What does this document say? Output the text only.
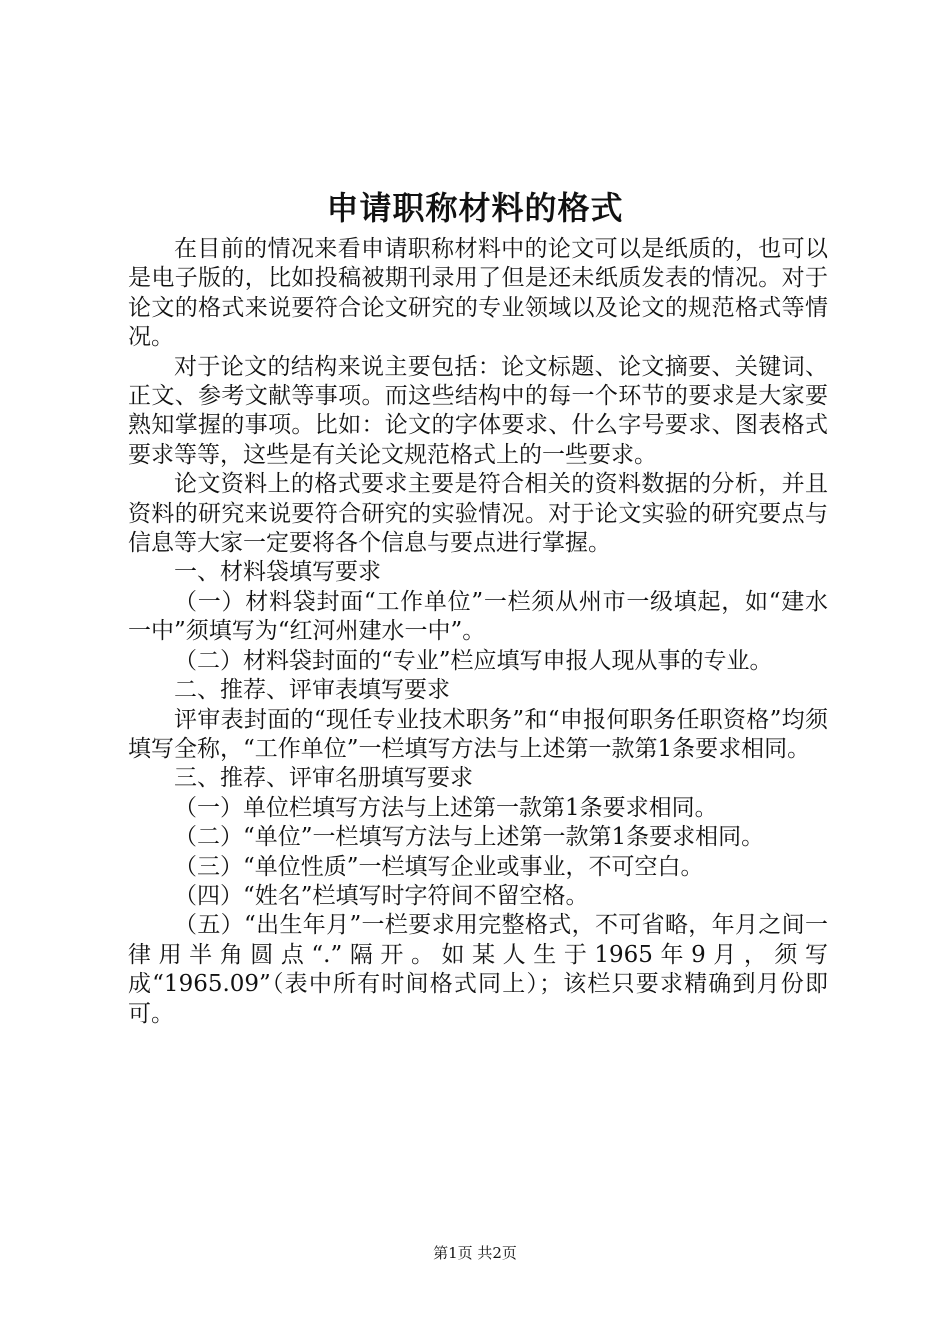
申请职称材料的格式

在目前的情况来看申请职称材料中的论文可以是纸质的，也可以是电子版的，比如投稿被期刊录用了但是还未纸质发表的情况。对于论文的格式来说要符合论文研究的专业领域以及论文的规范格式等情况。

对于论文的结构来说主要包括：论文标题、论文摘要、关键词、正文、参考文献等事项。而这些结构中的每一个环节的要求是大家要熟知掌握的事项。比如：论文的字体要求、什么字号要求、图表格式要求等等，这些是有关论文规范格式上的一些要求。

论文资料上的格式要求主要是符合相关的资料数据的分析，并且资料的研究来说要符合研究的实验情况。对于论文实验的研究要点与信息等大家一定要将各个信息与要点进行掌握。

一、材料袋填写要求

（一）材料袋封面“工作单位”一栏须从州市一级填起，如“建水一中”须填写为“红河州建水一中”。

（二）材料袋封面的“专业”栏应填写申报人现从事的专业。

二、推荐、评审表填写要求

评审表封面的“现任专业技术职务”和“申报何职务任职资格”均须填写全称，“工作单位”一栏填写方法与上述第一款第1条要求相同。

三、推荐、评审名册填写要求

（一）单位栏填写方法与上述第一款第1条要求相同。

（二）“单位”一栏填写方法与上述第一款第1条要求相同。

（三）“单位性质”一栏填写企业或事业，不可空白。

（四）“姓名”栏填写时字符间不留空格。

（五）“出生年月”一栏要求用完整格式，不可省略，年月之间一律用半角圆点“.”隔开。如某人生于1965年9月，须写成“1965.09”（表中所有时间格式同上）；该栏只要求精确到月份即可。

第1页 共2页
